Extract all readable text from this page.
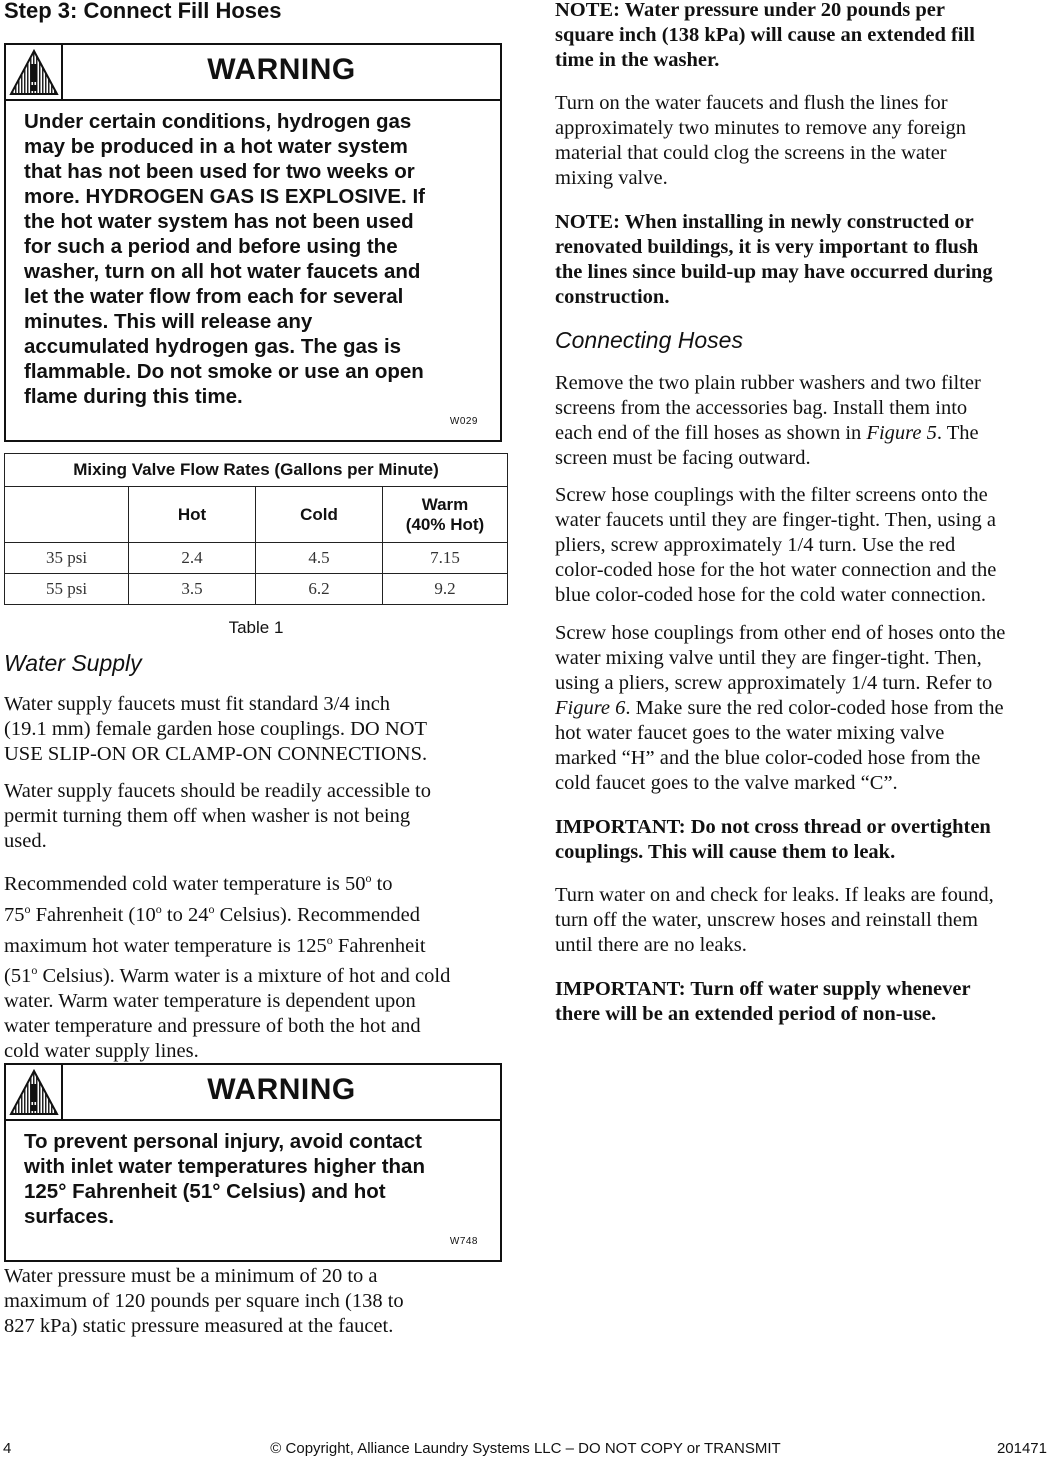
Step 3: Connect Fill Hoses
WARNING
Under certain conditions, hydrogen gas
may be produced in a hot water system
that has not been used for two weeks or
more. HYDROGEN GAS IS EXPLOSIVE. If
the hot water system has not been used
for such a period and before using the
washer, turn on all hot water faucets and
let the water flow from each for several
minutes. This will release any
accumulated hydrogen gas. The gas is
flammable. Do not smoke or use an open
flame during this time.
W029
Mixing Valve Flow Rates (Gallons per Minute)			
	Hot	Cold	Warm
(40% Hot)

35 psi	2.4	4.5	7.15
55 psi	3.5	6.2	9.2
Table 1
Water Supply

Water supply faucets must fit standard 3/4 inch
(19.1 mm) female garden hose couplings. DO NOT
USE SLIP-ON OR CLAMP-ON CONNECTIONS.

Water supply faucets should be readily accessible to
permit turning them off when washer is not being
used.

Recommended cold water temperature is 50$^o$ to
75$^o$ Fahrenheit (10$^o$ to 24$^o$ Celsius). Recommended
maximum hot water temperature is 125$^o$ Fahrenheit
(51$^o$ Celsius). Warm water is a mixture of hot and cold
water. Warm water temperature is dependent upon
water temperature and pressure of both the hot and
cold water supply lines.

WARNING
To prevent personal injury, avoid contact
with inlet water temperatures higher than
125° Fahrenheit (51° Celsius) and hot
surfaces.
W748

Water pressure must be a minimum of 20 to a
maximum of 120 pounds per square inch (138 to
827 kPa) static pressure measured at the faucet.

NOTE: Water pressure under 20 pounds per
square inch (138 kPa) will cause an extended fill
time in the washer.

Turn on the water faucets and flush the lines for
approximately two minutes to remove any foreign
material that could clog the screens in the water
mixing valve.

NOTE: When installing in newly constructed or
renovated buildings, it is very important to flush
the lines since build-up may have occurred during
construction.

Connecting Hoses

Remove the two plain rubber washers and two filter
screens from the accessories bag. Install them into
each end of the fill hoses as shown in Figure 5. The
screen must be facing outward.

Screw hose couplings with the filter screens onto the
water faucets until they are finger-tight. Then, using a
pliers, screw approximately 1/4 turn. Use the red
color-coded hose for the hot water connection and the
blue color-coded hose for the cold water connection.

Screw hose couplings from other end of hoses onto the
water mixing valve until they are finger-tight. Then,
using a pliers, screw approximately 1/4 turn. Refer to
Figure 6. Make sure the red color-coded hose from the
hot water faucet goes to the water mixing valve
marked “H” and the blue color-coded hose from the
cold faucet goes to the valve marked “C”.

IMPORTANT: Do not cross thread or overtighten
couplings. This will cause them to leak.

Turn water on and check for leaks. If leaks are found,
turn off the water, unscrew hoses and reinstall them
until there are no leaks.

IMPORTANT: Turn off water supply whenever
there will be an extended period of non-use.

4	© Copyright, Alliance Laundry Systems LLC – DO NOT COPY or TRANSMIT	201471
